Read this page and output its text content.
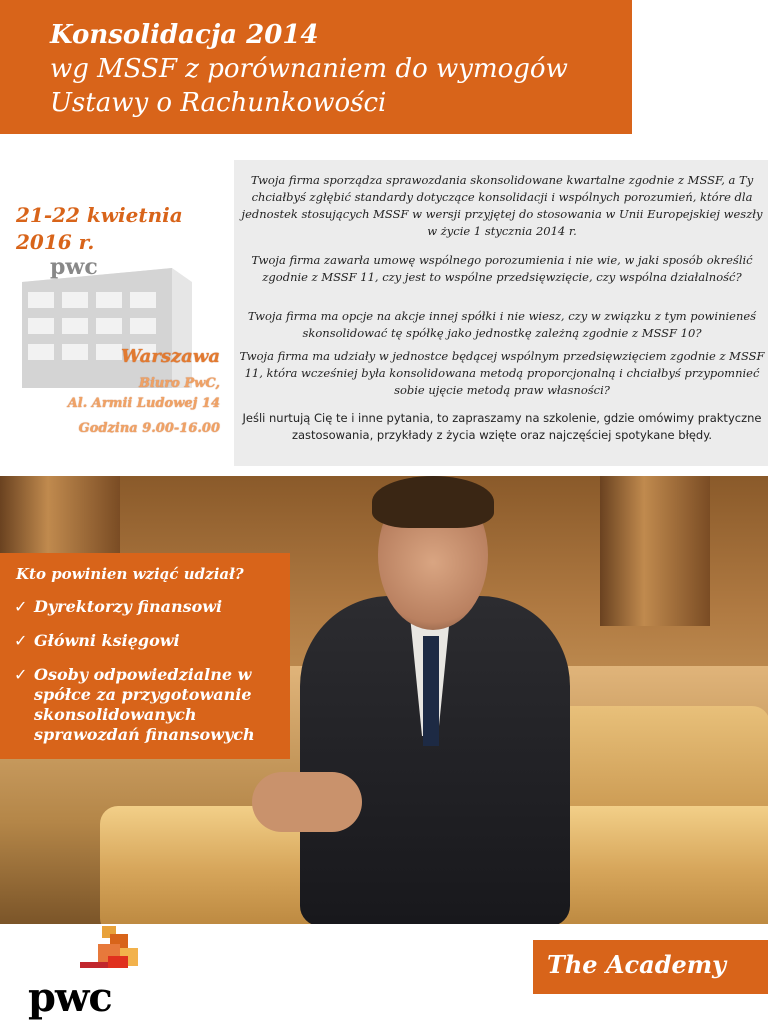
Konsolidacja 2014
wg MSSF z porównaniem do wymogów
Ustawy o Rachunkowości
21-22 kwietnia
2016 r.
pwc
Warszawa
Biuro PwC,
Al. Armii Ludowej 14
Godzina 9.00-16.00

Twoja firma sporządza sprawozdania skonsolidowane kwartalne zgodnie z MSSF, a Ty chciałbyś zgłębić standardy dotyczące konsolidacji i wspólnych porozumień, które dla jednostek stosujących MSSF w wersji przyjętej do stosowania w Unii Europejskiej weszły w życie 1 stycznia 2014 r.

Twoja firma zawarła umowę wspólnego porozumienia i nie wie, w jaki sposób określić zgodnie z MSSF 11, czy jest to wspólne przedsięwzięcie, czy wspólna działalność?

Twoja firma ma opcje na akcje innej spółki i nie wiesz, czy w związku z tym powinieneś skonsolidować tę spółkę jako jednostkę zależną zgodnie z MSSF 10?

Twoja firma ma udziały w jednostce będącej wspólnym przedsięwzięciem zgodnie z MSSF 11, która wcześniej była konsolidowana metodą proporcjonalną i chciałbyś przypomnieć sobie ujęcie metodą praw własności?

Jeśli nurtują Cię te i inne pytania, to zapraszamy na szkolenie, gdzie omówimy praktyczne zastosowania, przykłady z życia wzięte oraz najczęściej spotykane błędy.

Kto powinien wziąć udział?
✓ Dyrektorzy finansowi
✓ Główni księgowi
✓ Osoby odpowiedzialne w spółce za przygotowanie skonsolidowanych sprawozdań finansowych
pwc
The Academy
